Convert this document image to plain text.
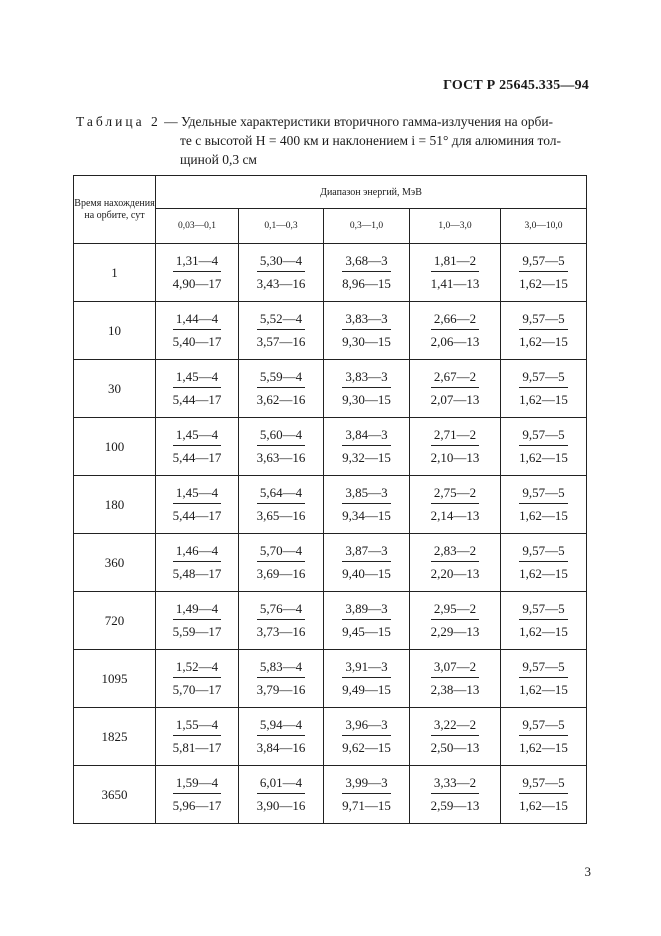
ГОСТ Р 25645.335—94
Таблица 2 — Удельные характеристики вторичного гамма-излучения на орби-
те с высотой H = 400 км и наклонением i = 51° для алюминия тол-
щиной 0,3 см
Время нахождения на орбите, сут	Диапазон энергий, МэВ				
	0,03—0,1	0,1—0,3	0,3—1,0	1,0—3,0	3,0—10,0
1	$\frac{1,31—4}{4,90—17}$	$\frac{5,30—4}{3,43—16}$	$\frac{3,68—3}{8,96—15}$	$\frac{1,81—2}{1,41—13}$	$\frac{9,57—5}{1,62—15}$

10	$\frac{1,44—4}{5,40—17}$	$\frac{5,52—4}{3,57—16}$	$\frac{3,83—3}{9,30—15}$	$\frac{2,66—2}{2,06—13}$	$\frac{9,57—5}{1,62—15}$

30	$\frac{1,45—4}{5,44—17}$	$\frac{5,59—4}{3,62—16}$	$\frac{3,83—3}{9,30—15}$	$\frac{2,67—2}{2,07—13}$	$\frac{9,57—5}{1,62—15}$

100	$\frac{1,45—4}{5,44—17}$	$\frac{5,60—4}{3,63—16}$	$\frac{3,84—3}{9,32—15}$	$\frac{2,71—2}{2,10—13}$	$\frac{9,57—5}{1,62—15}$

180	$\frac{1,45—4}{5,44—17}$	$\frac{5,64—4}{3,65—16}$	$\frac{3,85—3}{9,34—15}$	$\frac{2,75—2}{2,14—13}$	$\frac{9,57—5}{1,62—15}$

360	$\frac{1,46—4}{5,48—17}$	$\frac{5,70—4}{3,69—16}$	$\frac{3,87—3}{9,40—15}$	$\frac{2,83—2}{2,20—13}$	$\frac{9,57—5}{1,62—15}$

720	$\frac{1,49—4}{5,59—17}$	$\frac{5,76—4}{3,73—16}$	$\frac{3,89—3}{9,45—15}$	$\frac{2,95—2}{2,29—13}$	$\frac{9,57—5}{1,62—15}$

1095	$\frac{1,52—4}{5,70—17}$	$\frac{5,83—4}{3,79—16}$	$\frac{3,91—3}{9,49—15}$	$\frac{3,07—2}{2,38—13}$	$\frac{9,57—5}{1,62—15}$

1825	$\frac{1,55—4}{5,81—17}$	$\frac{5,94—4}{3,84—16}$	$\frac{3,96—3}{9,62—15}$	$\frac{3,22—2}{2,50—13}$	$\frac{9,57—5}{1,62—15}$

3650	$\frac{1,59—4}{5,96—17}$	$\frac{6,01—4}{3,90—16}$	$\frac{3,99—3}{9,71—15}$	$\frac{3,33—2}{2,59—13}$	$\frac{9,57—5}{1,62—15}$
3
